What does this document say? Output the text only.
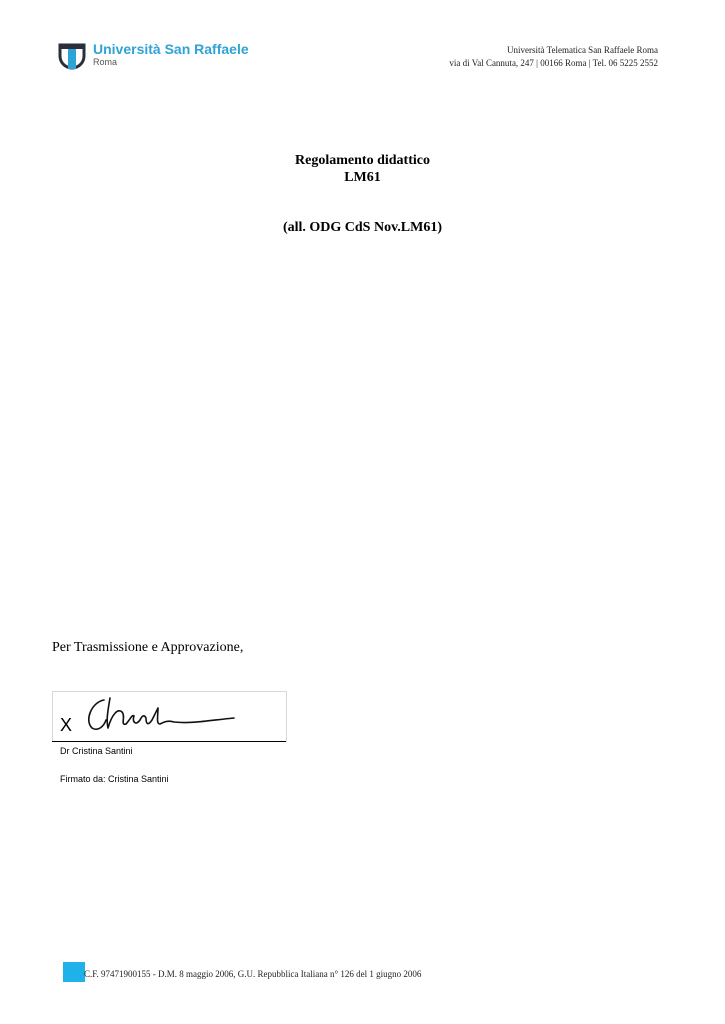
Università San Raffaele
Roma
Università Telematica San Raffaele Roma
via di Val Cannuta, 247 | 00166 Roma | Tel. 06 5225 2552
Regolamento didattico
LM61
(all. ODG CdS Nov.LM61)
Per Trasmissione e Approvazione,
X
Dr Cristina Santini
Firmato da: Cristina Santini
C.F. 97471900155 - D.M. 8 maggio 2006, G.U. Repubblica Italiana n° 126 del 1 giugno 2006
